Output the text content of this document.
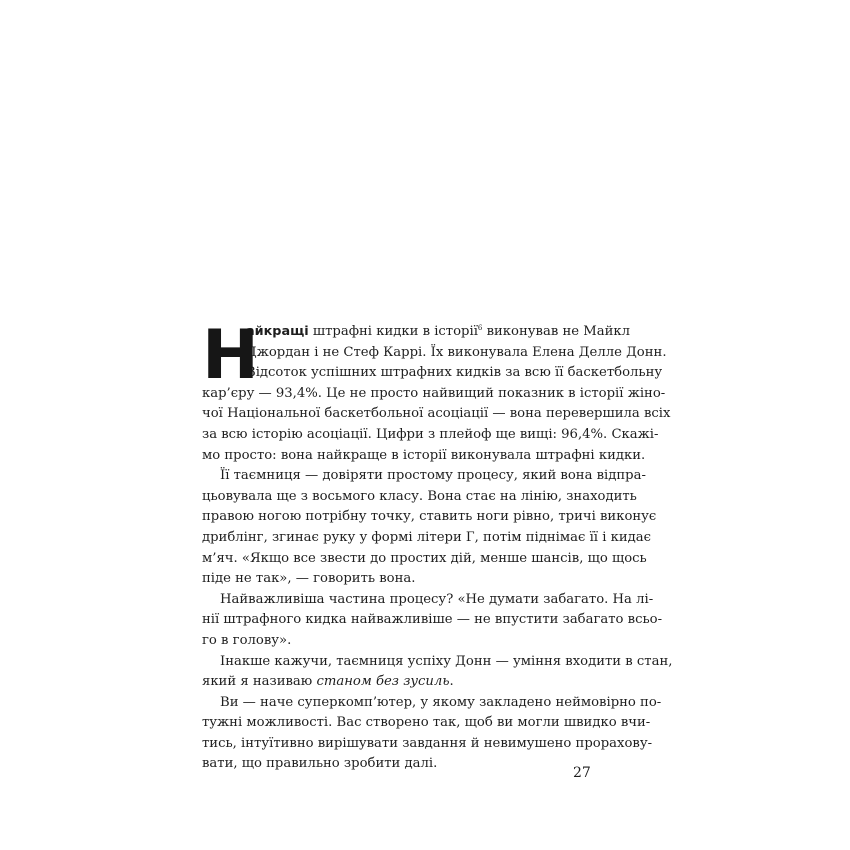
Н
айкращі штрафні кидки в історії$^6$ виконував не Майкл
Джордан і не Стеф Каррі. Їх виконувала Елена Делле Донн.
Відсоток успішних штрафних кидків за всю її баскетбольну
кар’єру — 93,4%. Це не просто найвищий показник в історії жіно-
чої Національної баскетбольної асоціації — вона перевершила всіх
за всю історію асоціації. Цифри з плейоф ще вищі: 96,4%. Скажі-
мо просто: вона найкраще в історії виконувала штрафні кидки.
Її таємниця — довіряти простому процесу, який вона відпра-
цьовувала ще з восьмого класу. Вона стає на лінію, знаходить
правою ногою потрібну точку, ставить ноги рівно, тричі виконує
дриблінг, згинає руку у формі літери Г, потім піднімає її і кидає
м’яч. «Якщо все звести до простих дій, менше шансів, що щось
піде не так», — говорить вона.
Найважливіша частина процесу? «Не думати забагато. На лі-
нії штрафного кидка найважливіше — не впустити забагато всьо-
го в голову».
Інакше кажучи, таємниця успіху Донн — уміння входити в стан,
який я називаю станом без зусиль.
Ви — наче суперкомп’ютер, у якому закладено неймовірно по-
тужні можливості. Вас створено так, щоб ви могли швидко вчи-
тись, інтуїтивно вирішувати завдання й невимушено прорахову-
вати, що правильно зробити далі.
27
